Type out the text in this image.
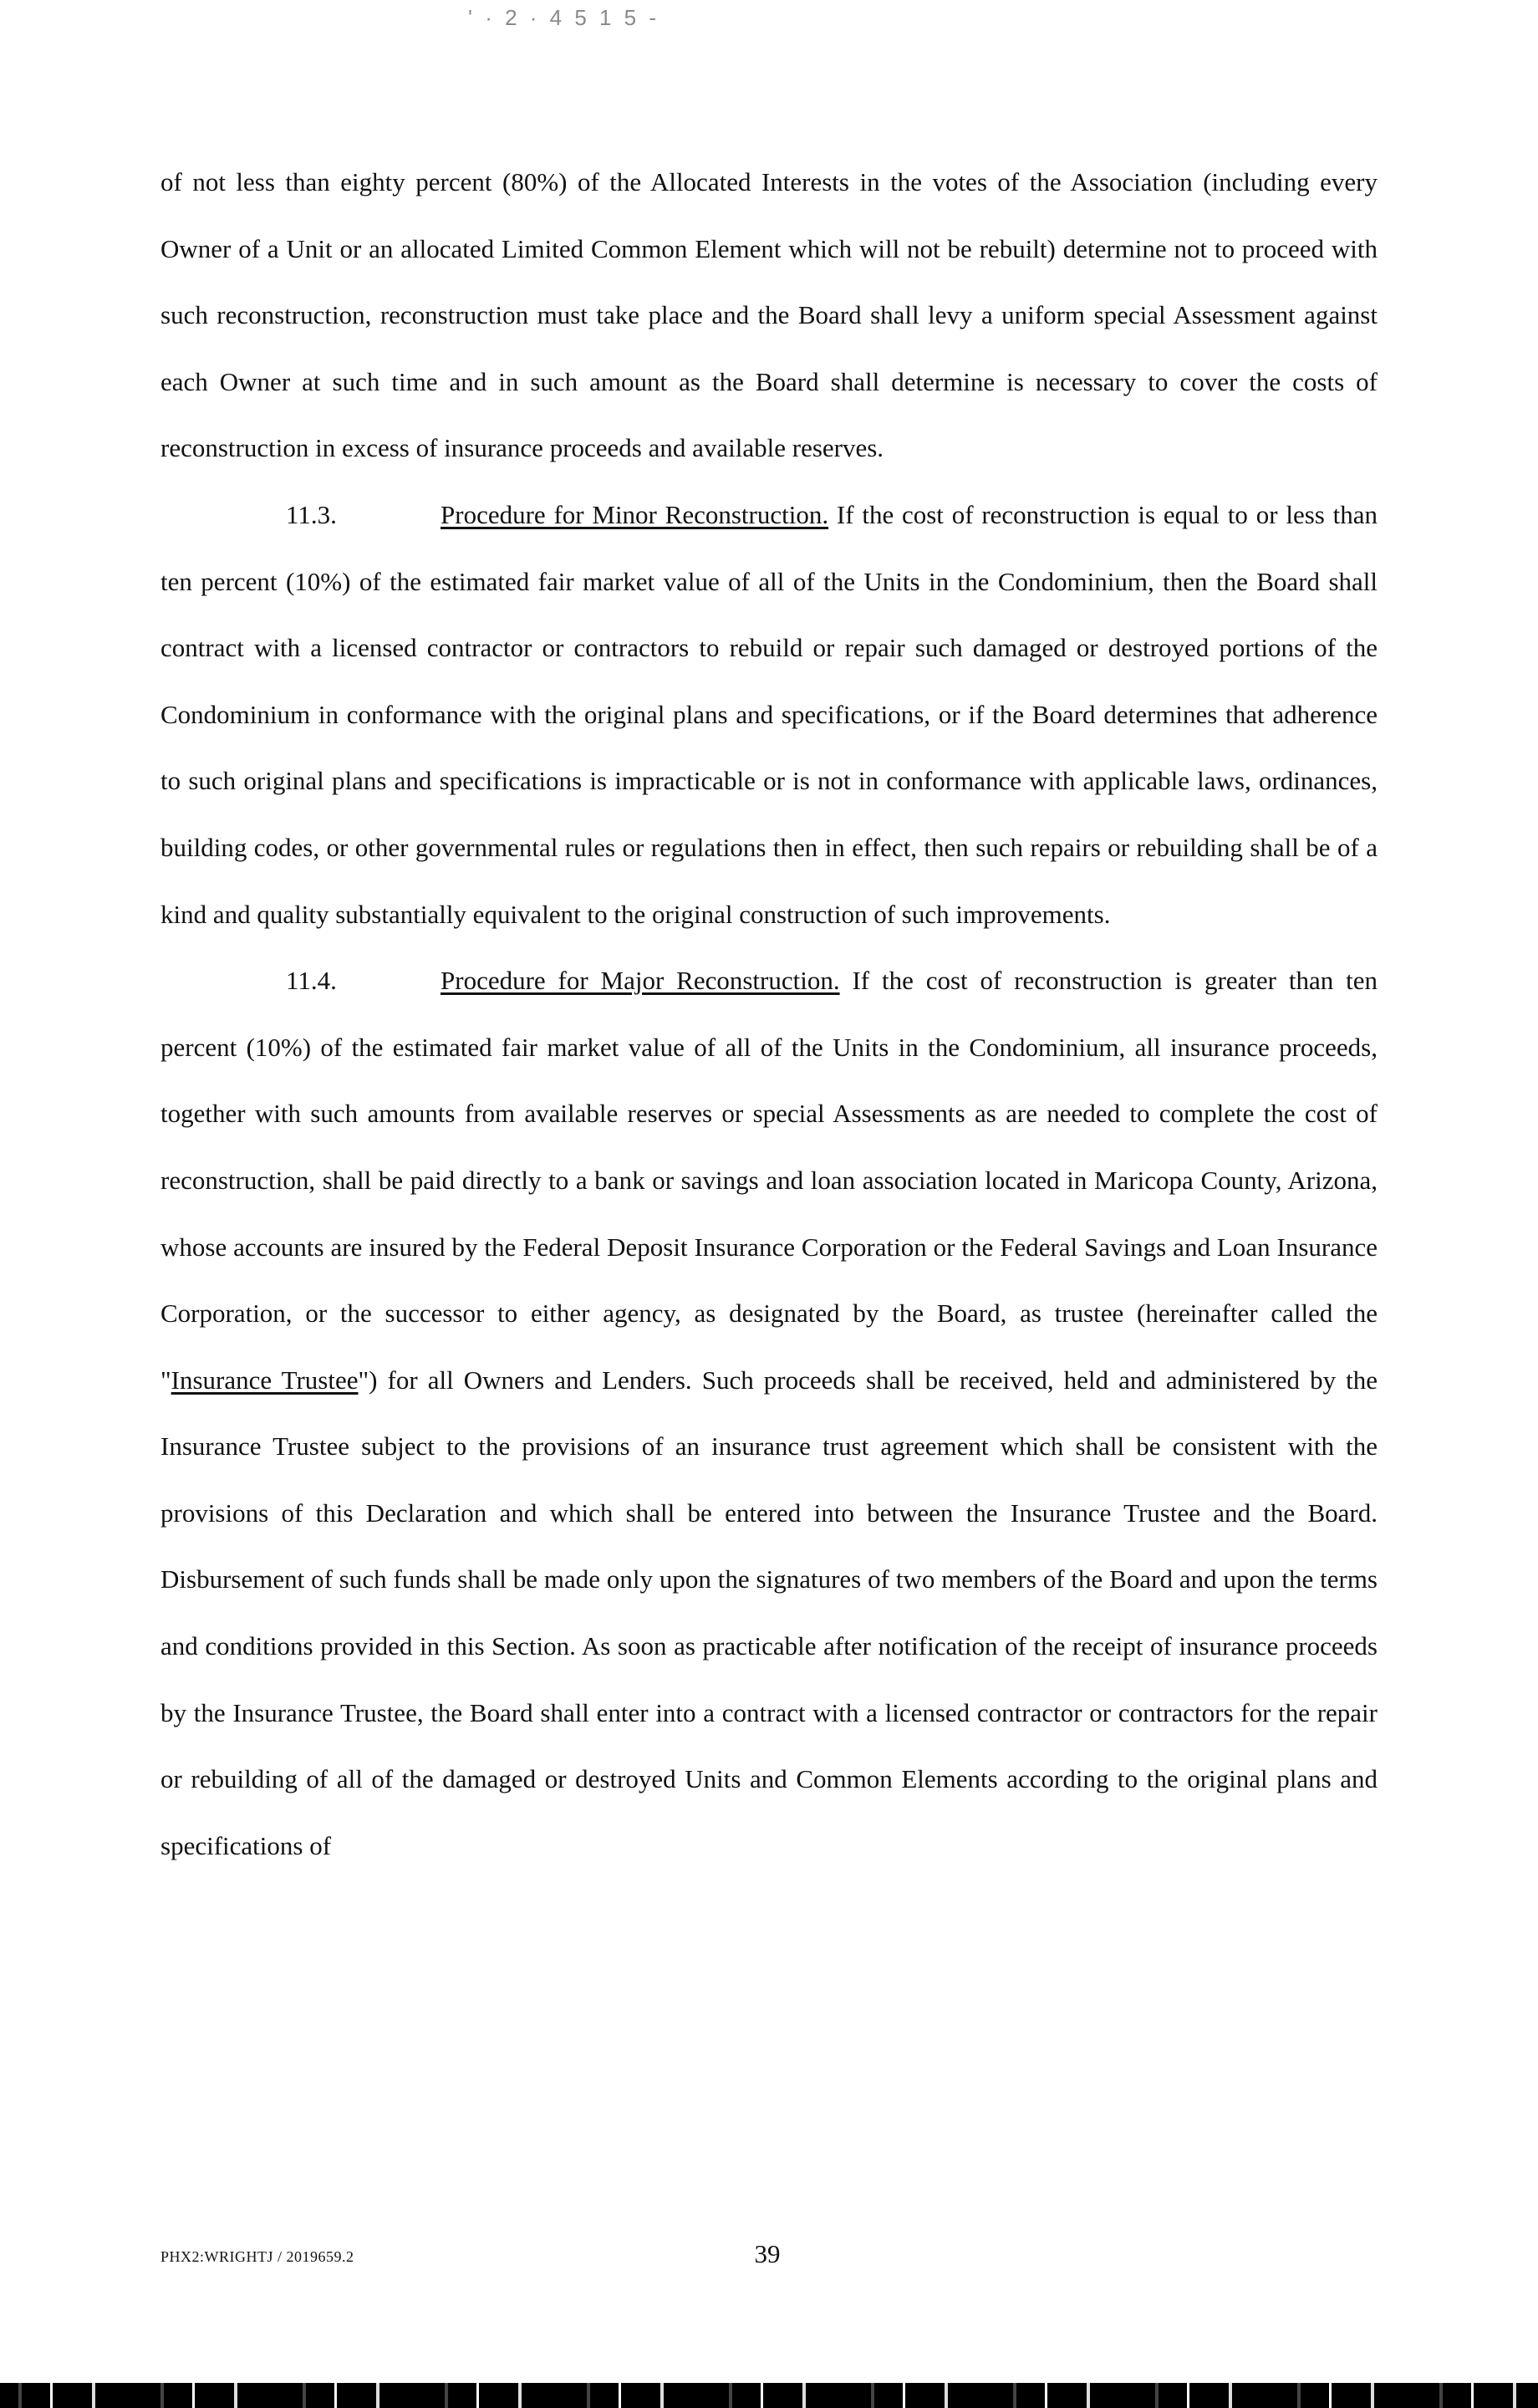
' · 2 · 4 5 1 5 -

of not less than eighty percent (80%) of the Allocated Interests in the votes of the Association (including every Owner of a Unit or an allocated Limited Common Element which will not be rebuilt) determine not to proceed with such reconstruction, reconstruction must take place and the Board shall levy a uniform special Assessment against each Owner at such time and in such amount as the Board shall determine is necessary to cover the costs of reconstruction in excess of insurance proceeds and available reserves.

11.3.	Procedure for Minor Reconstruction. If the cost of reconstruction is equal to or less than ten percent (10%) of the estimated fair market value of all of the Units in the Condominium, then the Board shall contract with a licensed contractor or contractors to rebuild or repair such damaged or destroyed portions of the Condominium in conformance with the original plans and specifications, or if the Board determines that adherence to such original plans and specifications is impracticable or is not in conformance with applicable laws, ordinances, building codes, or other governmental rules or regulations then in effect, then such repairs or rebuilding shall be of a kind and quality substantially equivalent to the original construction of such improvements.

11.4.	Procedure for Major Reconstruction. If the cost of reconstruction is greater than ten percent (10%) of the estimated fair market value of all of the Units in the Condominium, all insurance proceeds, together with such amounts from available reserves or special Assessments as are needed to complete the cost of reconstruction, shall be paid directly to a bank or savings and loan association located in Maricopa County, Arizona, whose accounts are insured by the Federal Deposit Insurance Corporation or the Federal Savings and Loan Insurance Corporation, or the successor to either agency, as designated by the Board, as trustee (hereinafter called the "Insurance Trustee") for all Owners and Lenders. Such proceeds shall be received, held and administered by the Insurance Trustee subject to the provisions of an insurance trust agreement which shall be consistent with the provisions of this Declaration and which shall be entered into between the Insurance Trustee and the Board. Disbursement of such funds shall be made only upon the signatures of two members of the Board and upon the terms and conditions provided in this Section. As soon as practicable after notification of the receipt of insurance proceeds by the Insurance Trustee, the Board shall enter into a contract with a licensed contractor or contractors for the repair or rebuilding of all of the damaged or destroyed Units and Common Elements according to the original plans and specifications of

PHX2:WRIGHTJ / 2019659.2	39
